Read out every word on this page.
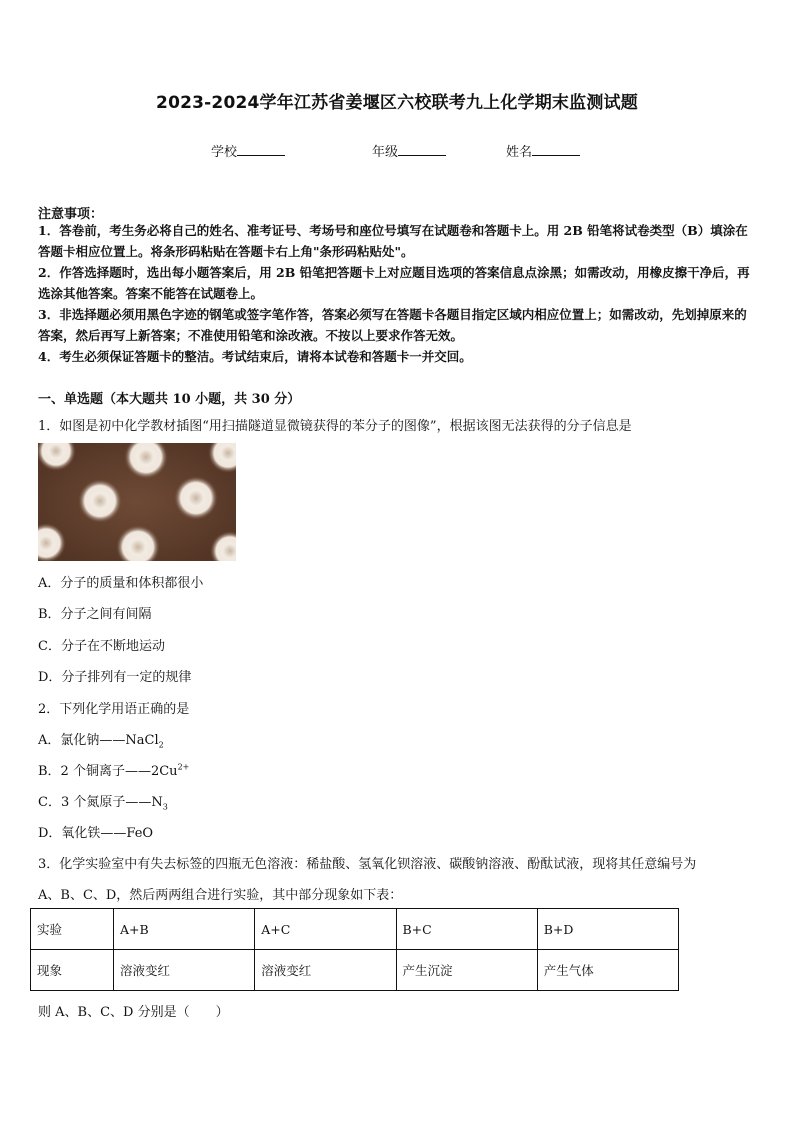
2023-2024学年江苏省姜堰区六校联考九上化学期末监测试题
学校	年级	姓名
注意事项：
1．答卷前，考生务必将自己的姓名、准考证号、考场号和座位号填写在试题卷和答题卡上。用 2B 铅笔将试卷类型（B）填涂在答题卡相应位置上。将条形码粘贴在答题卡右上角"条形码粘贴处"。
2．作答选择题时，选出每小题答案后，用 2B 铅笔把答题卡上对应题目选项的答案信息点涂黑；如需改动，用橡皮擦干净后，再选涂其他答案。答案不能答在试题卷上。
3．非选择题必须用黑色字迹的钢笔或签字笔作答，答案必须写在答题卡各题目指定区域内相应位置上；如需改动，先划掉原来的答案，然后再写上新答案；不准使用铅笔和涂改液。不按以上要求作答无效。
4．考生必须保证答题卡的整洁。考试结束后，请将本试卷和答题卡一并交回。
一、单选题（本大题共 10 小题，共 30 分）
1．如图是初中化学教材插图“用扫描隧道显微镜获得的苯分子的图像”，根据该图无法获得的分子信息是
A．分子的质量和体积都很小
B．分子之间有间隔
C．分子在不断地运动
D．分子排列有一定的规律
2．下列化学用语正确的是
A．氯化钠——NaCl$_2$
B．2 个铜离子$——2Cu^{2+}$
C．3 个氮原子$——N_3$
D．氧化铁——FeO
3．化学实验室中有失去标签的四瓶无色溶液：稀盐酸、氢氧化钡溶液、碳酸钠溶液、酚酞试液，现将其任意编号为
A、B、C、D，然后两两组合进行实验，其中部分现象如下表：
实验	A+B	A+C	B+C	B+D
现象	溶液变红	溶液变红	产生沉淀	产生气体
则 A、B、C、D 分别是（　　）
